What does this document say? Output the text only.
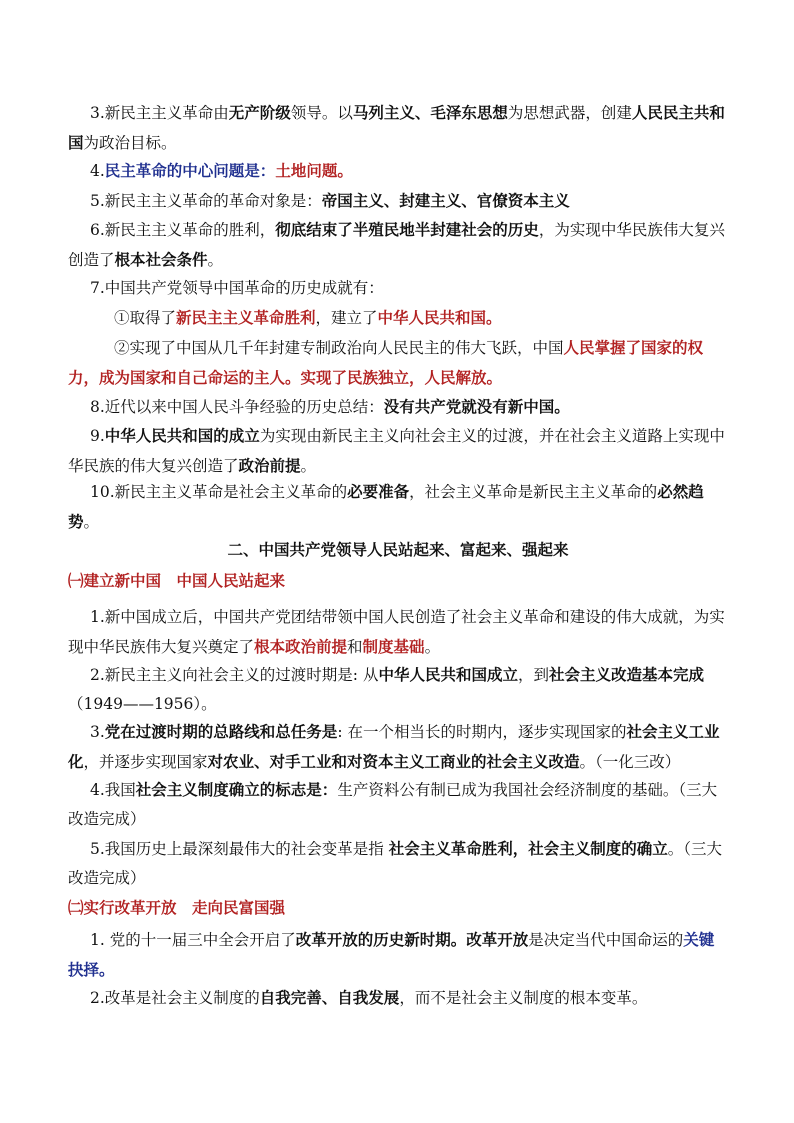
3.新民主主义革命由无产阶级领导。以马列主义、毛泽东思想为思想武器，创建人民民主共和国为政治目标。

4.民主革命的中心问题是：土地问题。

5.新民主主义革命的革命对象是：帝国主义、封建主义、官僚资本主义

6.新民主主义革命的胜利，彻底结束了半殖民地半封建社会的历史，为实现中华民族伟大复兴创造了根本社会条件。

7.中国共产党领导中国革命的历史成就有：

①取得了新民主主义革命胜利，建立了中华人民共和国。

②实现了中国从几千年封建专制政治向人民民主的伟大飞跃，中国人民掌握了国家的权力，成为国家和自己命运的主人。实现了民族独立，人民解放。

8.近代以来中国人民斗争经验的历史总结：没有共产党就没有新中国。

9.中华人民共和国的成立为实现由新民主主义向社会主义的过渡，并在社会主义道路上实现中华民族的伟大复兴创造了政治前提。

10.新民主主义革命是社会主义革命的必要准备，社会主义革命是新民主主义革命的必然趋势。

二、中国共产党领导人民站起来、富起来、强起来

㈠建立新中国　中国人民站起来

1.新中国成立后，中国共产党团结带领中国人民创造了社会主义革命和建设的伟大成就，为实现中华民族伟大复兴奠定了根本政治前提和制度基础。

2.新民主主义向社会主义的过渡时期是: 从中华人民共和国成立，到社会主义改造基本完成（1949——1956）。

3.党在过渡时期的总路线和总任务是: 在一个相当长的时期内，逐步实现国家的社会主义工业化，并逐步实现国家对农业、对手工业和对资本主义工商业的社会主义改造。（一化三改）

4.我国社会主义制度确立的标志是：生产资料公有制已成为我国社会经济制度的基础。（三大改造完成）

5.我国历史上最深刻最伟大的社会变革是指 社会主义革命胜利，社会主义制度的确立。（三大改造完成）

㈡实行改革开放　走向民富国强

1. 党的十一届三中全会开启了改革开放的历史新时期。改革开放是决定当代中国命运的关键抉择。

2.改革是社会主义制度的自我完善、自我发展，而不是社会主义制度的根本变革。
